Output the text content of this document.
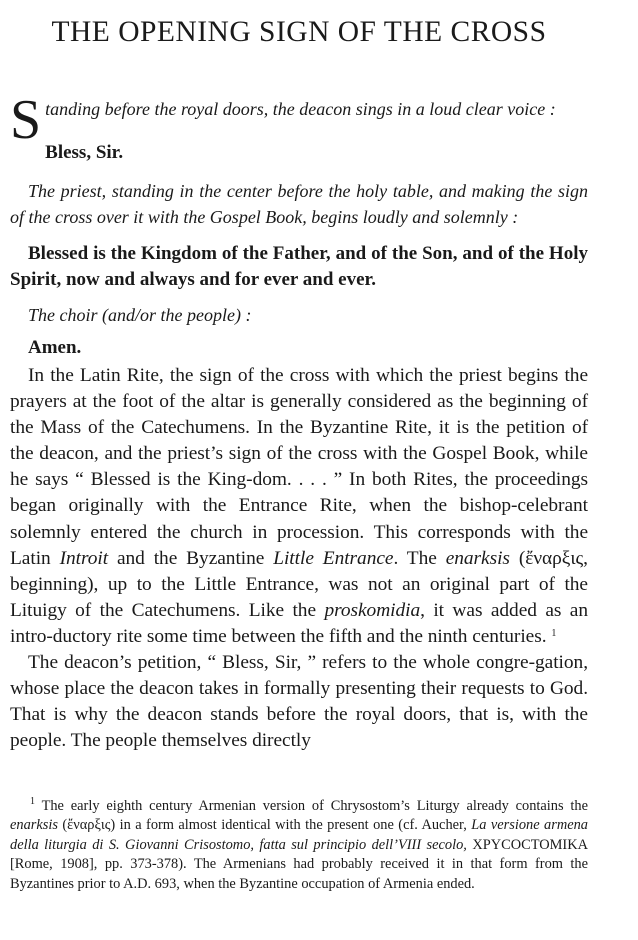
THE OPENING SIGN OF THE CROSS

Standing before the royal doors, the deacon sings in a loud clear voice :

Bless, Sir.

The priest, standing in the center before the holy table, and making the sign of the cross over it with the Gospel Book, begins loudly and solemnly :

Blessed is the Kingdom of the Father, and of the Son, and of the Holy Spirit, now and always and for ever and ever.

The choir (and/or the people) :

Amen.

In the Latin Rite, the sign of the cross with which the priest begins the prayers at the foot of the altar is generally considered as the beginning of the Mass of the Catechumens. In the Byzantine Rite, it is the petition of the deacon, and the priest’s sign of the cross with the Gospel Book, while he says “ Blessed is the King-dom. . . . ” In both Rites, the proceedings began originally with the Entrance Rite, when the bishop-celebrant solemnly entered the church in procession. This corresponds with the Latin Introit and the Byzantine Little Entrance. The enarksis (ἔναρξις, beginning), up to the Little Entrance, was not an original part of the Lituigy of the Catechumens. Like the proskomidia, it was added as an intro-ductory rite some time between the fifth and the ninth centuries. $^1$

The deacon’s petition, “ Bless, Sir, ” refers to the whole congre-gation, whose place the deacon takes in formally presenting their requests to God. That is why the deacon stands before the royal doors, that is, with the people. The people themselves directly

$^1$ The early eighth century Armenian version of Chrysostom’s Liturgy already contains the enarksis (ἔναρξις) in a form almost identical with the present one (cf. Aucher, La versione armena della liturgia di S. Giovanni Crisostomo, fatta sul principio dell’VIII secolo, ΧΡΥCΟCΤΟΜΙΚΑ [Rome, 1908], pp. 373-378). The Armenians had probably received it in that form from the Byzantines prior to A.D. 693, when the Byzantine occupation of Armenia ended.
